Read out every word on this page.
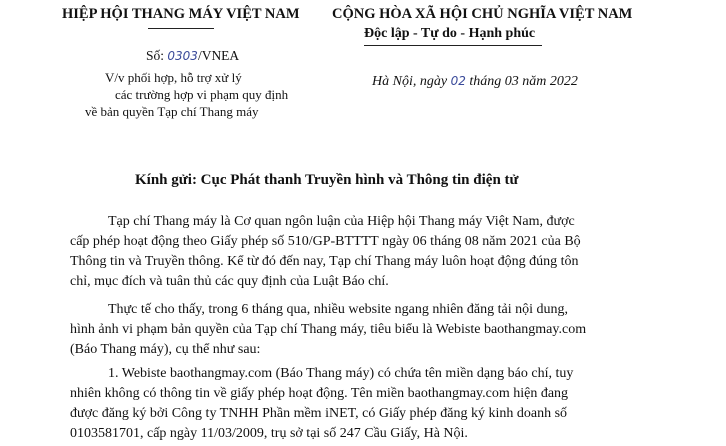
HIỆP HỘI THANG MÁY VIỆT NAM CỘNG HÒA XÃ HỘI CHỦ NGHĨA VIỆT NAM
Độc lập - Tự do - Hạnh phúc
Số: 0303/VNEA
V/v phối hợp, hỗ trợ xử lý
các trường hợp vi phạm quy định
về bản quyền Tạp chí Thang máy
Hà Nội, ngày 02 tháng 03 năm 2022
Kính gửi: Cục Phát thanh Truyền hình và Thông tin điện tử
Tạp chí Thang máy là Cơ quan ngôn luận của Hiệp hội Thang máy Việt Nam, được
cấp phép hoạt động theo Giấy phép số 510/GP-BTTTT ngày 06 tháng 08 năm 2021 của Bộ
Thông tin và Truyền thông. Kể từ đó đến nay, Tạp chí Thang máy luôn hoạt động đúng tôn
chỉ, mục đích và tuân thủ các quy định của Luật Báo chí.
Thực tế cho thấy, trong 6 tháng qua, nhiều website ngang nhiên đăng tải nội dung,
hình ảnh vi phạm bản quyền của Tạp chí Thang máy, tiêu biểu là Webiste baothangmay.com
(Báo Thang máy), cụ thể như sau:
1. Webiste baothangmay.com (Báo Thang máy) có chứa tên miền dạng báo chí, tuy
nhiên không có thông tin về giấy phép hoạt động. Tên miền baothangmay.com hiện đang
được đăng ký bởi Công ty TNHH Phần mềm iNET, có Giấy phép đăng ký kinh doanh số
0103581701, cấp ngày 11/03/2009, trụ sở tại số 247 Cầu Giấy, Hà Nội.
